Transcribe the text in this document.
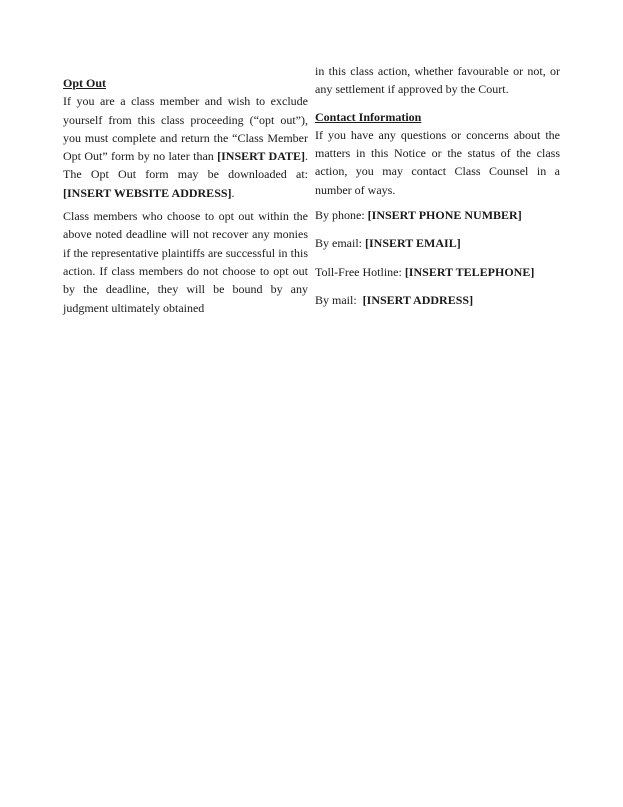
Opt Out

If you are a class member and wish to exclude yourself from this class proceeding (“opt out”), you must complete and return the “Class Member Opt Out” form by no later than [INSERT DATE]. The Opt Out form may be downloaded at: [INSERT WEBSITE ADDRESS].

Class members who choose to opt out within the above noted deadline will not recover any monies if the representative plaintiffs are successful in this action. If class members do not choose to opt out by the deadline, they will be bound by any judgment ultimately obtained

in this class action, whether favourable or not, or any settlement if approved by the Court.

Contact Information

If you have any questions or concerns about the matters in this Notice or the status of the class action, you may contact Class Counsel in a number of ways.

By phone: [INSERT PHONE NUMBER]
By email: [INSERT EMAIL]
Toll-Free Hotline: [INSERT TELEPHONE]
By mail:  [INSERT ADDRESS]
